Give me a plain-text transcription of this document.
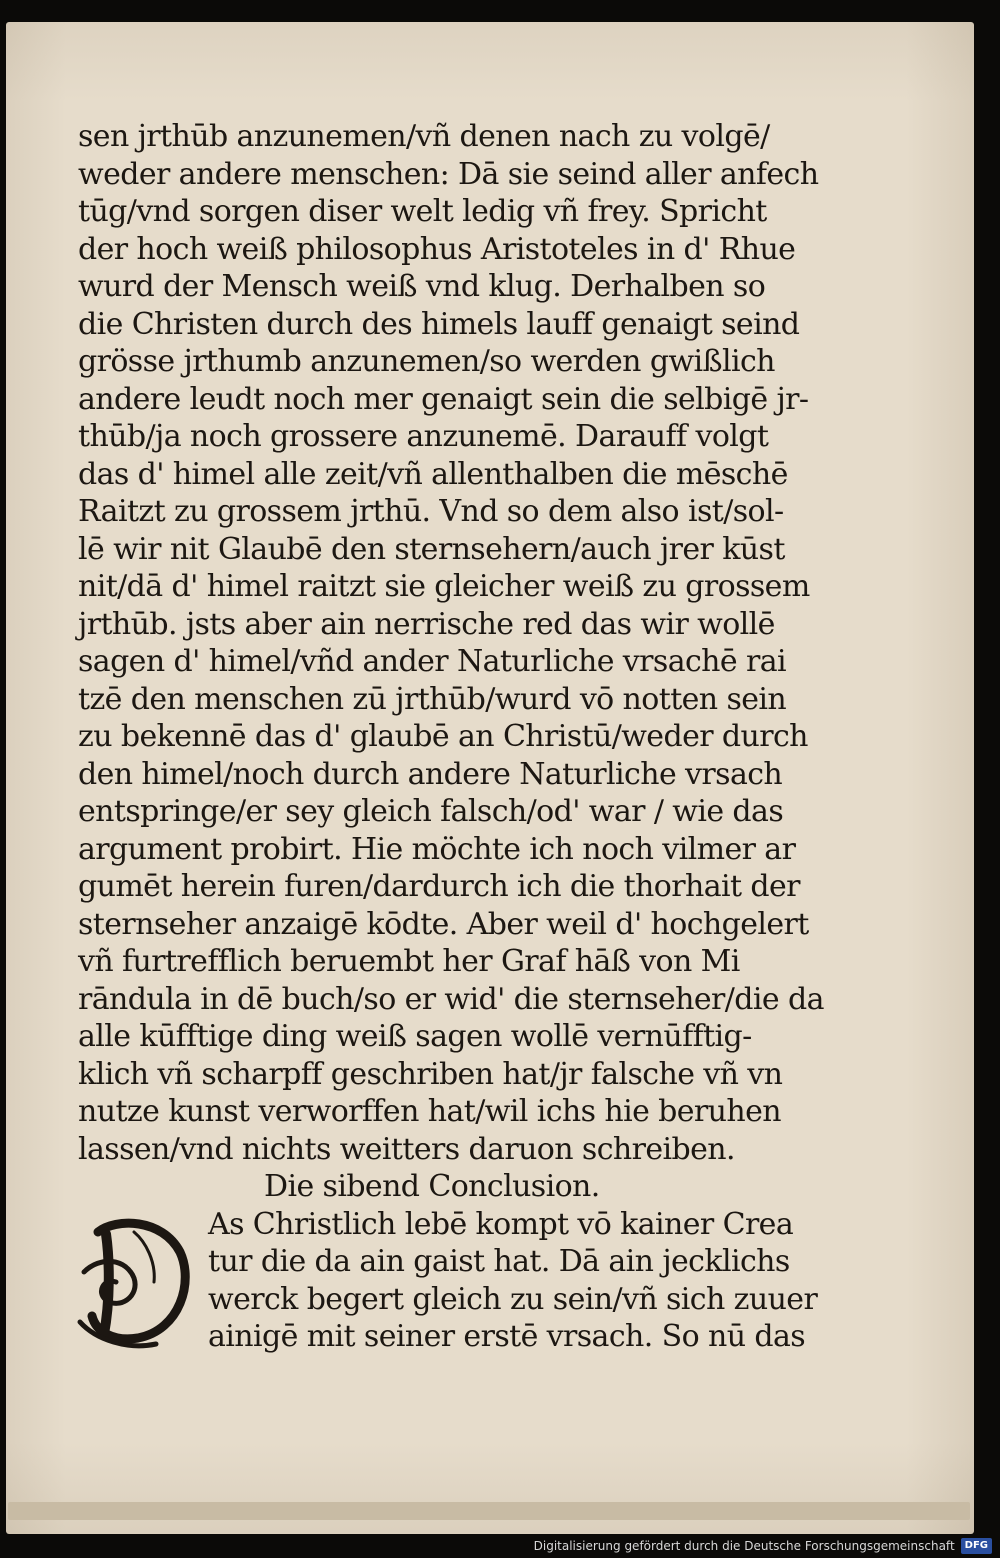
sen jrthūb anzunemen/vñ denen nach zu volgē/
weder andere menschen: Dā sie seind aller anfech
tūg/vnd sorgen diser welt ledig vñ frey. Spricht
der hoch weiß philosophus Aristoteles in d' Rhue
wurd der Mensch weiß vnd klug. Derhalben so
die Christen durch des himels lauff genaigt seind
grösse jrthumb anzunemen/so werden gwißlich
andere leudt noch mer genaigt sein die selbigē jr-
thūb/ja noch grossere anzunemē. Darauff volgt
das d' himel alle zeit/vñ allenthalben die mēschē
Raitzt zu grossem jrthū. Vnd so dem also ist/sol-
lē wir nit Glaubē den sternsehern/auch jrer kūst
nit/dā d' himel raitzt sie gleicher weiß zu grossem
jrthūb. jsts aber ain nerrische red das wir wollē
sagen d' himel/vñd ander Naturliche vrsachē rai
tzē den menschen zū jrthūb/wurd vō notten sein
zu bekennē das d' glaubē an Christū/weder durch
den himel/noch durch andere Naturliche vrsach
entspringe/er sey gleich falsch/od' war / wie das
argument probirt. Hie möchte ich noch vilmer ar
gumēt herein furen/dardurch ich die thorhait der
sternseher anzaigē kōdte. Aber weil d' hochgelert
vñ furtrefflich beruembt her Graf hāß von Mi
rāndula in dē buch/so er wid' die sternseher/die da
alle kūfftige ding weiß sagen wollē vernūfftig-
klich vñ scharpff geschriben hat/jr falsche vñ vn
nutze kunst verworffen hat/wil ichs hie beruhen
lassen/vnd nichts weitters daruon schreiben.
Die sibend Conclusion.
As Christlich lebē kompt vō kainer Crea
tur die da ain gaist hat. Dā ain jecklichs
werck begert gleich zu sein/vñ sich zuuer
ainigē mit seiner erstē vrsach. So nū das
Digitalisierung gefördert durch die Deutsche Forschungsgemeinschaft	DFG
